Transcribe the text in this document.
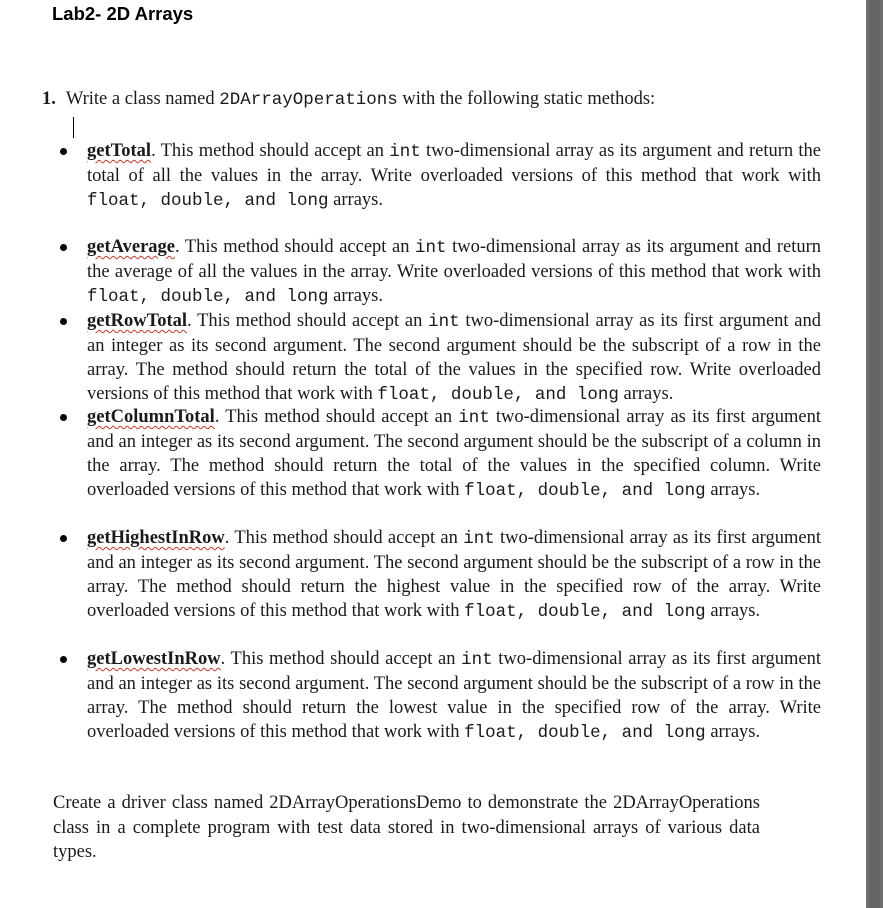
Lab2- 2D Arrays
1. Write a class named 2DArrayOperations with the following static methods:
getTotal. This method should accept an int two-dimensional array as its argument and return the total of all the values in the array. Write overloaded versions of this method that work with float, double, and long arrays.
getAverage. This method should accept an int two-dimensional array as its argument and return the average of all the values in the array. Write overloaded versions of this method that work with float, double, and long arrays.
getRowTotal. This method should accept an int two-dimensional array as its first argument and an integer as its second argument. The second argument should be the subscript of a row in the array. The method should return the total of the values in the specified row. Write overloaded versions of this method that work with float, double, and long arrays.
getColumnTotal. This method should accept an int two-dimensional array as its first argument and an integer as its second argument. The second argument should be the subscript of a column in the array. The method should return the total of the values in the specified column. Write overloaded versions of this method that work with float, double, and long arrays.
getHighestInRow. This method should accept an int two-dimensional array as its first argument and an integer as its second argument. The second argument should be the subscript of a row in the array. The method should return the highest value in the specified row of the array. Write overloaded versions of this method that work with float, double, and long arrays.
getLowestInRow. This method should accept an int two-dimensional array as its first argument and an integer as its second argument. The second argument should be the subscript of a row in the array. The method should return the lowest value in the specified row of the array. Write overloaded versions of this method that work with float, double, and long arrays.
Create a driver class named 2DArrayOperationsDemo to demonstrate the 2DArrayOperations class in a complete program with test data stored in two-dimensional arrays of various data types.
